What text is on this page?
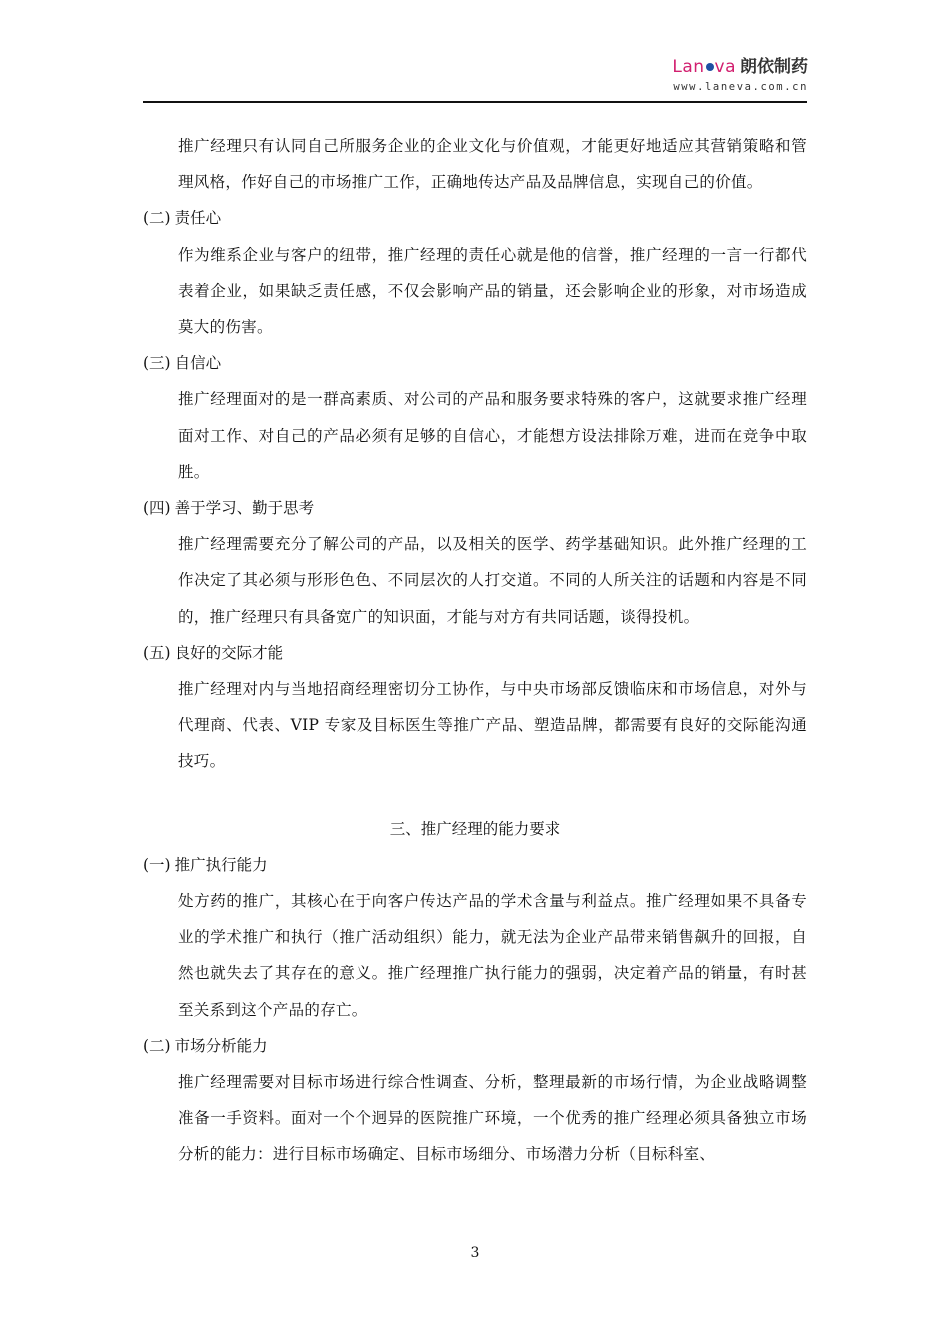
Lan va 朗依制药
www.laneva.com.cn

推广经理只有认同自己所服务企业的企业文化与价值观，才能更好地适应其营销策略和管理风格，作好自己的市场推广工作，正确地传达产品及品牌信息，实现自己的价值。

(二) 责任心

作为维系企业与客户的纽带，推广经理的责任心就是他的信誉，推广经理的一言一行都代表着企业，如果缺乏责任感，不仅会影响产品的销量，还会影响企业的形象，对市场造成莫大的伤害。

(三) 自信心

推广经理面对的是一群高素质、对公司的产品和服务要求特殊的客户，这就要求推广经理面对工作、对自己的产品必须有足够的自信心，才能想方设法排除万难，进而在竞争中取胜。

(四) 善于学习、勤于思考

推广经理需要充分了解公司的产品，以及相关的医学、药学基础知识。此外推广经理的工作决定了其必须与形形色色、不同层次的人打交道。不同的人所关注的话题和内容是不同的，推广经理只有具备宽广的知识面，才能与对方有共同话题，谈得投机。

(五) 良好的交际才能

推广经理对内与当地招商经理密切分工协作，与中央市场部反馈临床和市场信息，对外与代理商、代表、VIP 专家及目标医生等推广产品、塑造品牌，都需要有良好的交际能沟通技巧。

三、推广经理的能力要求

(一) 推广执行能力

处方药的推广，其核心在于向客户传达产品的学术含量与利益点。推广经理如果不具备专业的学术推广和执行（推广活动组织）能力，就无法为企业产品带来销售飙升的回报，自然也就失去了其存在的意义。推广经理推广执行能力的强弱，决定着产品的销量，有时甚至关系到这个产品的存亡。

(二) 市场分析能力

推广经理需要对目标市场进行综合性调查、分析，整理最新的市场行情，为企业战略调整准备一手资料。面对一个个迥异的医院推广环境，一个优秀的推广经理必须具备独立市场分析的能力：进行目标市场确定、目标市场细分、市场潜力分析（目标科室、

3
